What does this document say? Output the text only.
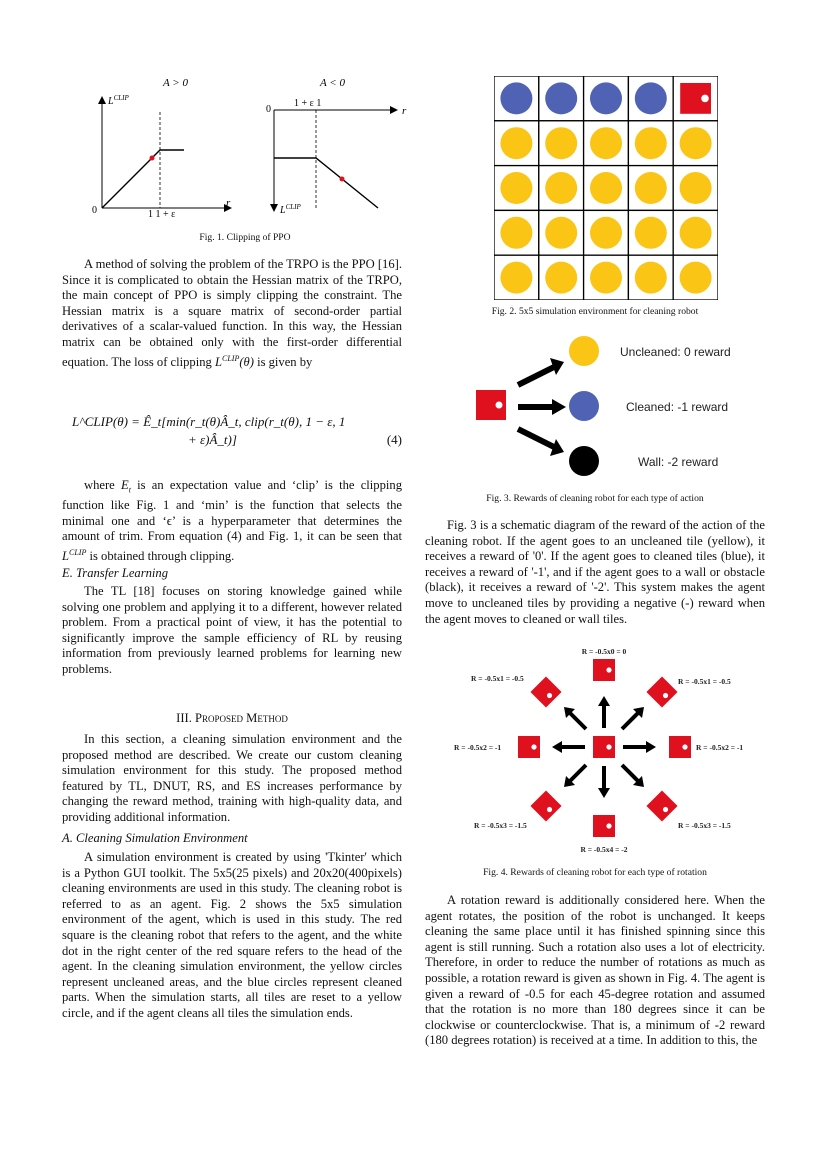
A > 0
$L^{CLIP}$
r
0	1 1 + ε
A < 0
0	r
$L^{CLIP}$
1 + ε 1
Fig. 1. Clipping of PPO

A method of solving the problem of the TRPO is the PPO [16]. Since it is complicated to obtain the Hessian matrix of the TRPO, the main concept of PPO is simply clipping the constraint. The Hessian matrix is a square matrix of second-order partial derivatives of a scalar-valued function. In this way, the Hessian matrix can be obtained only with the first-order differential equation. The loss of clipping $L^{CLIP}(\theta)$ is given by

L^CLIP(θ) = Ê_t[min(r_t(θ)Â_t, clip(r_t(θ), 1 − ε, 1
+ ε)Â_t)]	(4)

where $E_t$ is an expectation value and ‘clip’ is the clipping function like Fig. 1 and ‘min’ is the function that selects the minimal one and ‘ϵ’ is a hyperparameter that determines the amount of trim. From equation (4) and Fig. 1, it can be seen that $L^{CLIP}$ is obtained through clipping.

E. Transfer Learning

The TL [18] focuses on storing knowledge gained while solving one problem and applying it to a different, however related problem. From a practical point of view, it has the potential to significantly improve the sample efficiency of RL by reusing information from previously learned problems for learning new problems.

III. Proposed Method

In this section, a cleaning simulation environment and the proposed method are described. We create our custom cleaning simulation environment for this study. The proposed method featured by TL, DNUT, RS, and ES increases performance by changing the reward method, training with high-quality data, and providing additional information.

A. Cleaning Simulation Environment

A simulation environment is created by using 'Tkinter' which is a Python GUI toolkit. The 5x5(25 pixels) and 20x20(400pixels) cleaning environments are used in this study. The cleaning robot is referred to as an agent. Fig. 2 shows the 5x5 simulation environment of the agent, which is used in this study. The red square is the cleaning robot that refers to the agent, and the white dot in the right center of the red square refers to the head of the agent. In the cleaning simulation environment, the yellow circles represent uncleaned areas, and the blue circles represent cleaned parts. When the simulation starts, all tiles are reset to a yellow circle, and if the agent cleans all tiles the simulation ends.

Fig. 2. 5x5 simulation environment for cleaning robot
Uncleaned: 0 reward
Cleaned: -1 reward
Wall: -2 reward
Fig. 3. Rewards of cleaning robot for each type of action

Fig. 3 is a schematic diagram of the reward of the action of the cleaning robot. If the agent goes to an uncleaned tile (yellow), it receives a reward of '0'. If the agent goes to cleaned tiles (blue), it receives a reward of '-1', and if the agent goes to a wall or obstacle (black), it receives a reward of '-2'. This system makes the agent move to uncleaned tiles by providing a negative (-) reward when the agent moves to cleaned or wall tiles.

R = -0.5x0 = 0
R = -0.5x1 = -0.5	R = -0.5x1 = -0.5
R = -0.5x2 = -1	R = -0.5x2 = -1
R = -0.5x3 = -1.5	R = -0.5x3 = -1.5
R = -0.5x4 = -2
Fig. 4. Rewards of cleaning robot for each type of rotation

A rotation reward is additionally considered here. When the agent rotates, the position of the robot is unchanged. It keeps cleaning the same place until it has finished spinning since this agent is still running. Such a rotation also uses a lot of electricity. Therefore, in order to reduce the number of rotations as much as possible, a rotation reward is given as shown in Fig. 4. The agent is given a reward of -0.5 for each 45-degree rotation and assumed that the rotation is no more than 180 degrees since it can be clockwise or counterclockwise. That is, a minimum of -2 reward (180 degrees rotation) is received at a time. In addition to this, the
